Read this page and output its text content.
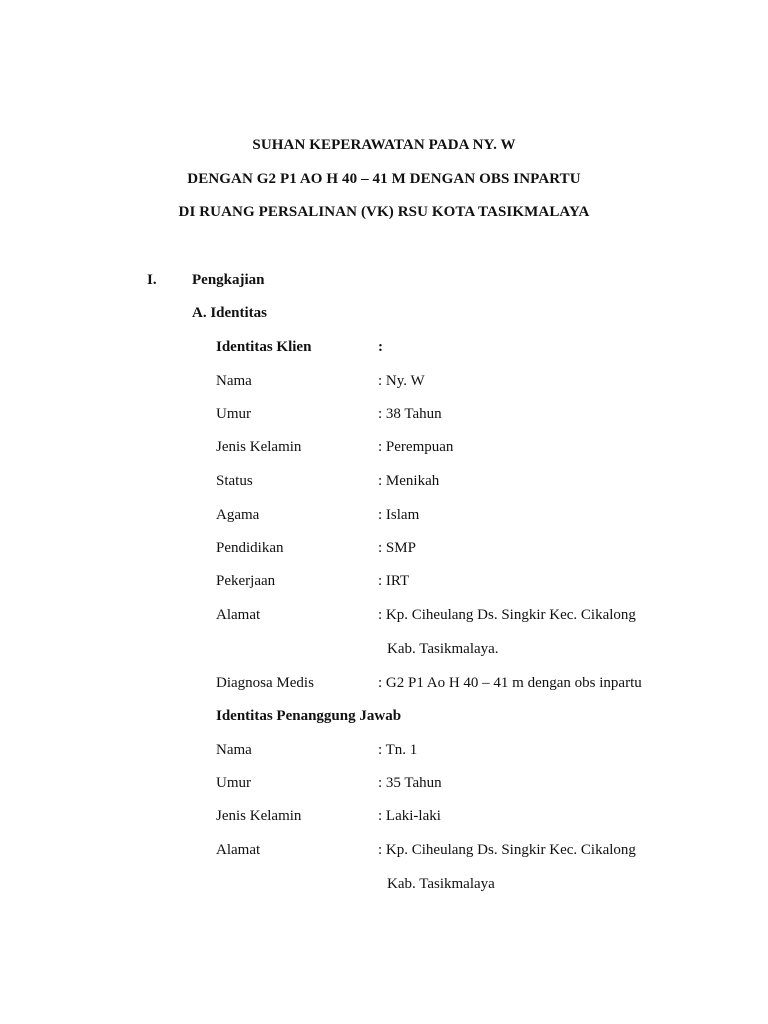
SUHAN KEPERAWATAN PADA NY. W
DENGAN G2 P1 AO H 40 – 41 M DENGAN OBS INPARTU
DI RUANG PERSALINAN (VK) RSU KOTA TASIKMALAYA
I. Pengkajian
A. Identitas
Identitas Klien	:
Nama	: Ny. W
Umur	: 38 Tahun
Jenis Kelamin	: Perempuan
Status	: Menikah
Agama	: Islam
Pendidikan	: SMP
Pekerjaan	: IRT
Alamat	: Kp. Ciheulang Ds. Singkir Kec. Cikalong
Kab. Tasikmalaya.
Diagnosa Medis	: G2 P1 Ao H 40 – 41 m dengan obs inpartu
Identitas Penanggung Jawab
Nama	: Tn. 1
Umur	: 35 Tahun
Jenis Kelamin	: Laki-laki
Alamat	: Kp. Ciheulang Ds. Singkir Kec. Cikalong
Kab. Tasikmalaya
